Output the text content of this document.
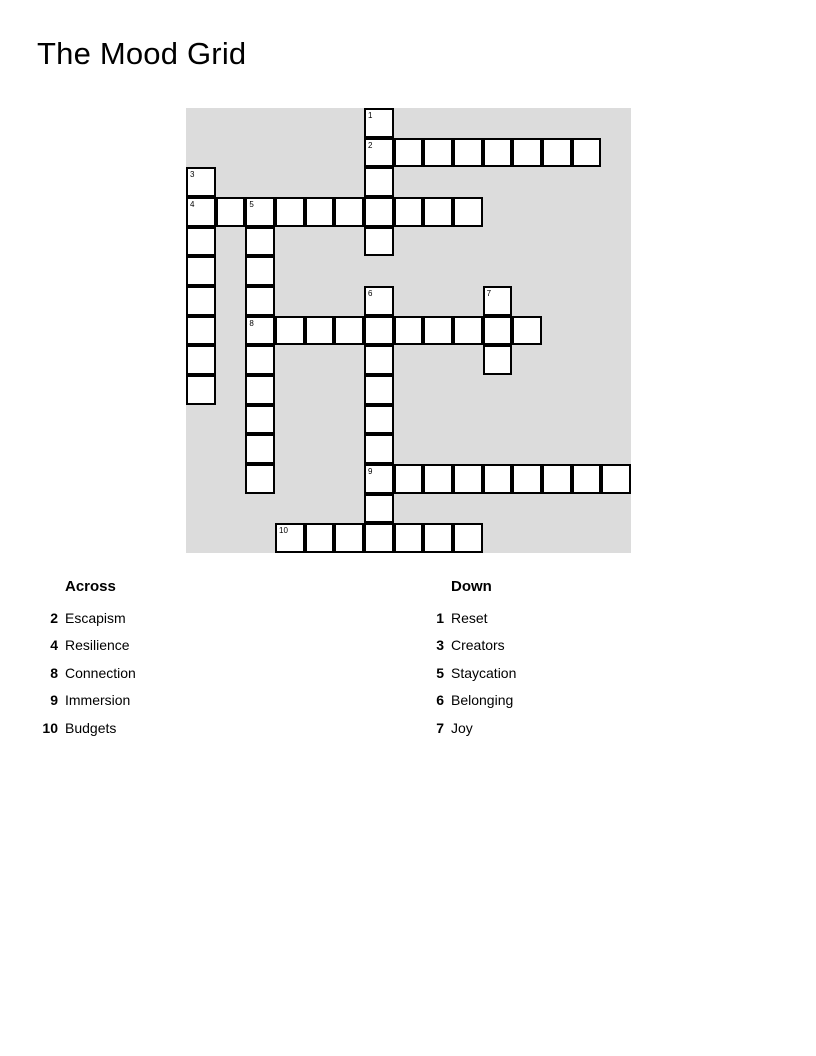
The Mood Grid
1
2
3
4	5
8
6
9
7
10
Across
2 Escapism
4 Resilience
8 Connection
9 Immersion
10 Budgets
Down
1 Reset
3 Creators
5 Staycation
6 Belonging
7 Joy
